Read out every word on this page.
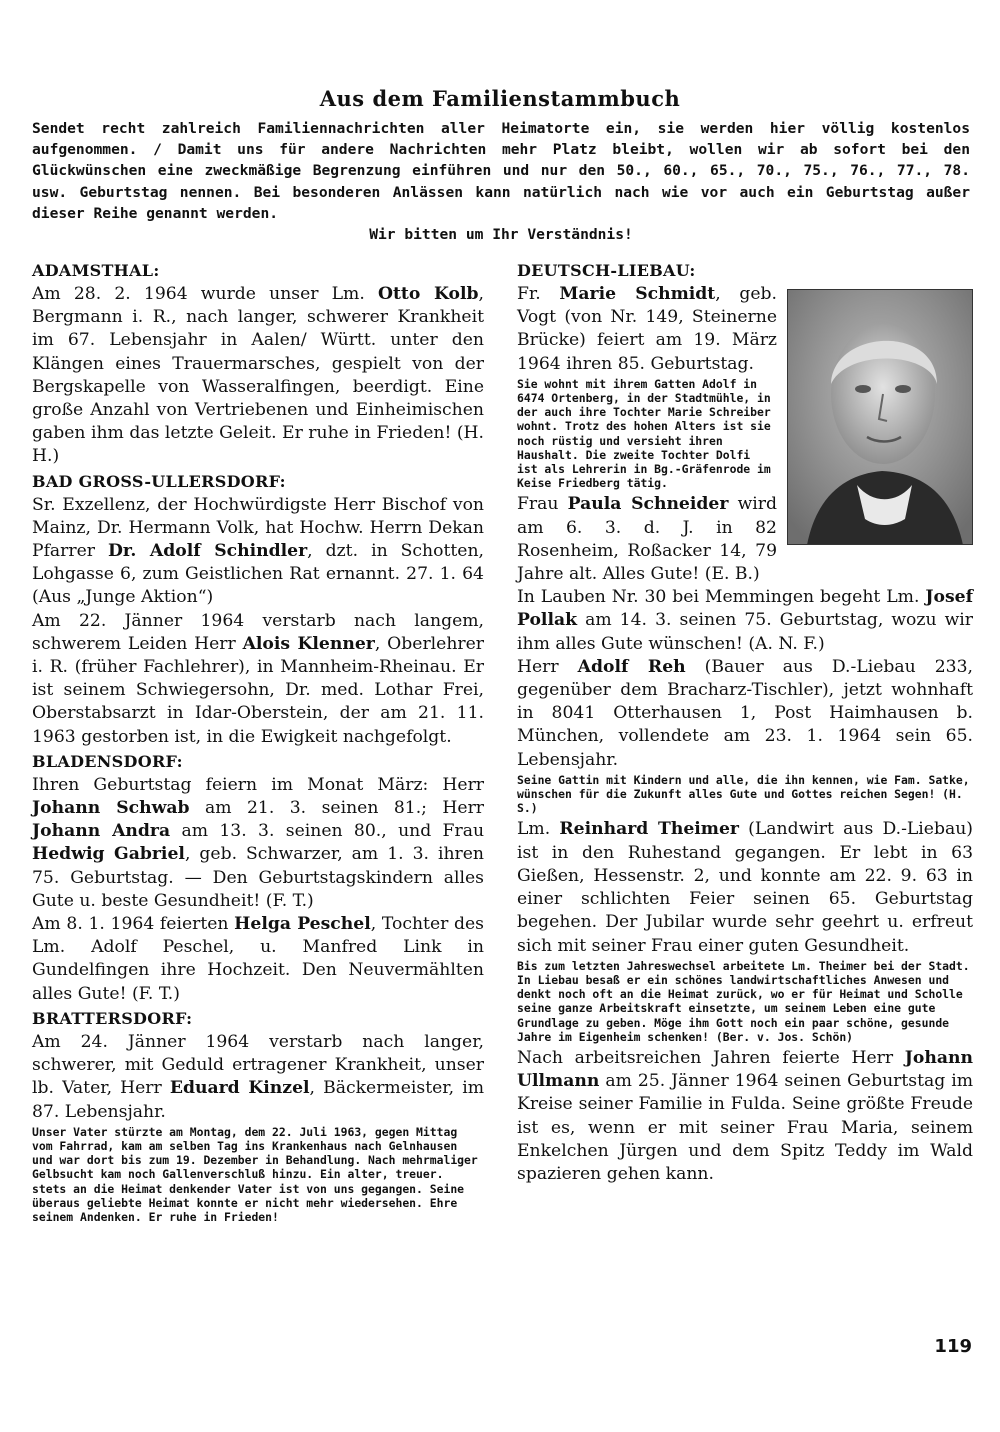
Aus dem Familienstammbuch
Sendet recht zahlreich Familiennachrichten aller Heimatorte ein, sie werden hier völlig kostenlos aufgenommen. / Damit uns für andere Nachrichten mehr Platz bleibt, wollen wir ab sofort bei den Glückwünschen eine zweckmäßige Begrenzung einführen und nur den 50., 60., 65., 70., 75., 76., 77., 78. usw. Geburtstag nennen. Bei besonderen Anlässen kann natürlich nach wie vor auch ein Geburtstag außer dieser Reihe genannt werden.
Wir bitten um Ihr Verständnis!
ADAMSTHAL:

Am 28. 2. 1964 wurde unser Lm. Otto Kolb, Bergmann i. R., nach langer, schwerer Krankheit im 67. Lebensjahr in Aalen/ Württ. unter den Klängen eines Trauermarsches, gespielt von der Bergskapelle von Wasseralfingen, beerdigt. Eine große Anzahl von Vertriebenen und Einheimischen gaben ihm das letzte Geleit. Er ruhe in Frieden! (H. H.)

BAD GROSS-ULLERSDORF:

Sr. Exzellenz, der Hochwürdigste Herr Bischof von Mainz, Dr. Hermann Volk, hat Hochw. Herrn Dekan Pfarrer Dr. Adolf Schindler, dzt. in Schotten, Lohgasse 6, zum Geistlichen Rat ernannt. 27. 1. 64 (Aus „Junge Aktion“)

Am 22. Jänner 1964 verstarb nach langem, schwerem Leiden Herr Alois Klenner, Oberlehrer i. R. (früher Fachlehrer), in Mannheim-Rheinau. Er ist seinem Schwiegersohn, Dr. med. Lothar Frei, Oberstabsarzt in Idar-Oberstein, der am 21. 11. 1963 gestorben ist, in die Ewigkeit nachgefolgt.

BLADENSDORF:

Ihren Geburtstag feiern im Monat März: Herr Johann Schwab am 21. 3. seinen 81.; Herr Johann Andra am 13. 3. seinen 80., und Frau Hedwig Gabriel, geb. Schwarzer, am 1. 3. ihren 75. Geburtstag. — Den Geburtstagskindern alles Gute u. beste Gesundheit! (F. T.)

Am 8. 1. 1964 feierten Helga Peschel, Tochter des Lm. Adolf Peschel, u. Manfred Link in Gundelfingen ihre Hochzeit. Den Neuvermählten alles Gute! (F. T.)

BRATTERSDORF:

Am 24. Jänner 1964 verstarb nach langer, schwerer, mit Geduld ertragener Krankheit, unser lb. Vater, Herr Eduard Kinzel, Bäckermeister, im 87. Lebensjahr.

Unser Vater stürzte am Montag, dem 22. Juli 1963, gegen Mittag vom Fahrrad, kam am selben Tag ins Krankenhaus nach Gelnhausen und war dort bis zum 19. Dezember in Behandlung. Nach mehrmaliger Gelbsucht kam noch Gallenverschluß hinzu. Ein alter, treuer. stets an die Heimat denkender Vater ist von uns gegangen. Seine überaus geliebte Heimat konnte er nicht mehr wiedersehen. Ehre seinem Andenken. Er ruhe in Frieden!

DEUTSCH-LIEBAU:

Fr. Marie Schmidt, geb. Vogt (von Nr. 149, Steinerne Brücke) feiert am 19. März 1964 ihren 85. Geburtstag.

Sie wohnt mit ihrem Gatten Adolf in 6474 Ortenberg, in der Stadtmühle, in der auch ihre Tochter Marie Schreiber wohnt. Trotz des hohen Alters ist sie noch rüstig und versieht ihren Haushalt. Die zweite Tochter Dolfi ist als Lehrerin in Bg.-Gräfenrode im Keise Friedberg tätig.

Frau Paula Schneider wird am 6. 3. d. J. in 82 Rosenheim, Roßacker 14, 79 Jahre alt. Alles Gute! (E. B.)

In Lauben Nr. 30 bei Memmingen begeht Lm. Josef Pollak am 14. 3. seinen 75. Geburtstag, wozu wir ihm alles Gute wünschen! (A. N. F.)

Herr Adolf Reh (Bauer aus D.-Liebau 233, gegenüber dem Bracharz-Tischler), jetzt wohnhaft in 8041 Otterhausen 1, Post Haimhausen b. München, vollendete am 23. 1. 1964 sein 65. Lebensjahr.

Seine Gattin mit Kindern und alle, die ihn kennen, wie Fam. Satke, wünschen für die Zukunft alles Gute und Gottes reichen Segen! (H. S.)

Lm. Reinhard Theimer (Landwirt aus D.-Liebau) ist in den Ruhestand gegangen. Er lebt in 63 Gießen, Hessenstr. 2, und konnte am 22. 9. 63 in einer schlichten Feier seinen 65. Geburtstag begehen. Der Jubilar wurde sehr geehrt u. erfreut sich mit seiner Frau einer guten Gesundheit.

Bis zum letzten Jahreswechsel arbeitete Lm. Theimer bei der Stadt. In Liebau besaß er ein schönes landwirtschaftliches Anwesen und denkt noch oft an die Heimat zurück, wo er für Heimat und Scholle seine ganze Arbeitskraft einsetzte, um seinem Leben eine gute Grundlage zu geben. Möge ihm Gott noch ein paar schöne, gesunde Jahre im Eigenheim schenken! (Ber. v. Jos. Schön)

Nach arbeitsreichen Jahren feierte Herr Johann Ullmann am 25. Jänner 1964 seinen Geburtstag im Kreise seiner Familie in Fulda. Seine größte Freude ist es, wenn er mit seiner Frau Maria, seinem Enkelchen Jürgen und dem Spitz Teddy im Wald spazieren gehen kann.

119
